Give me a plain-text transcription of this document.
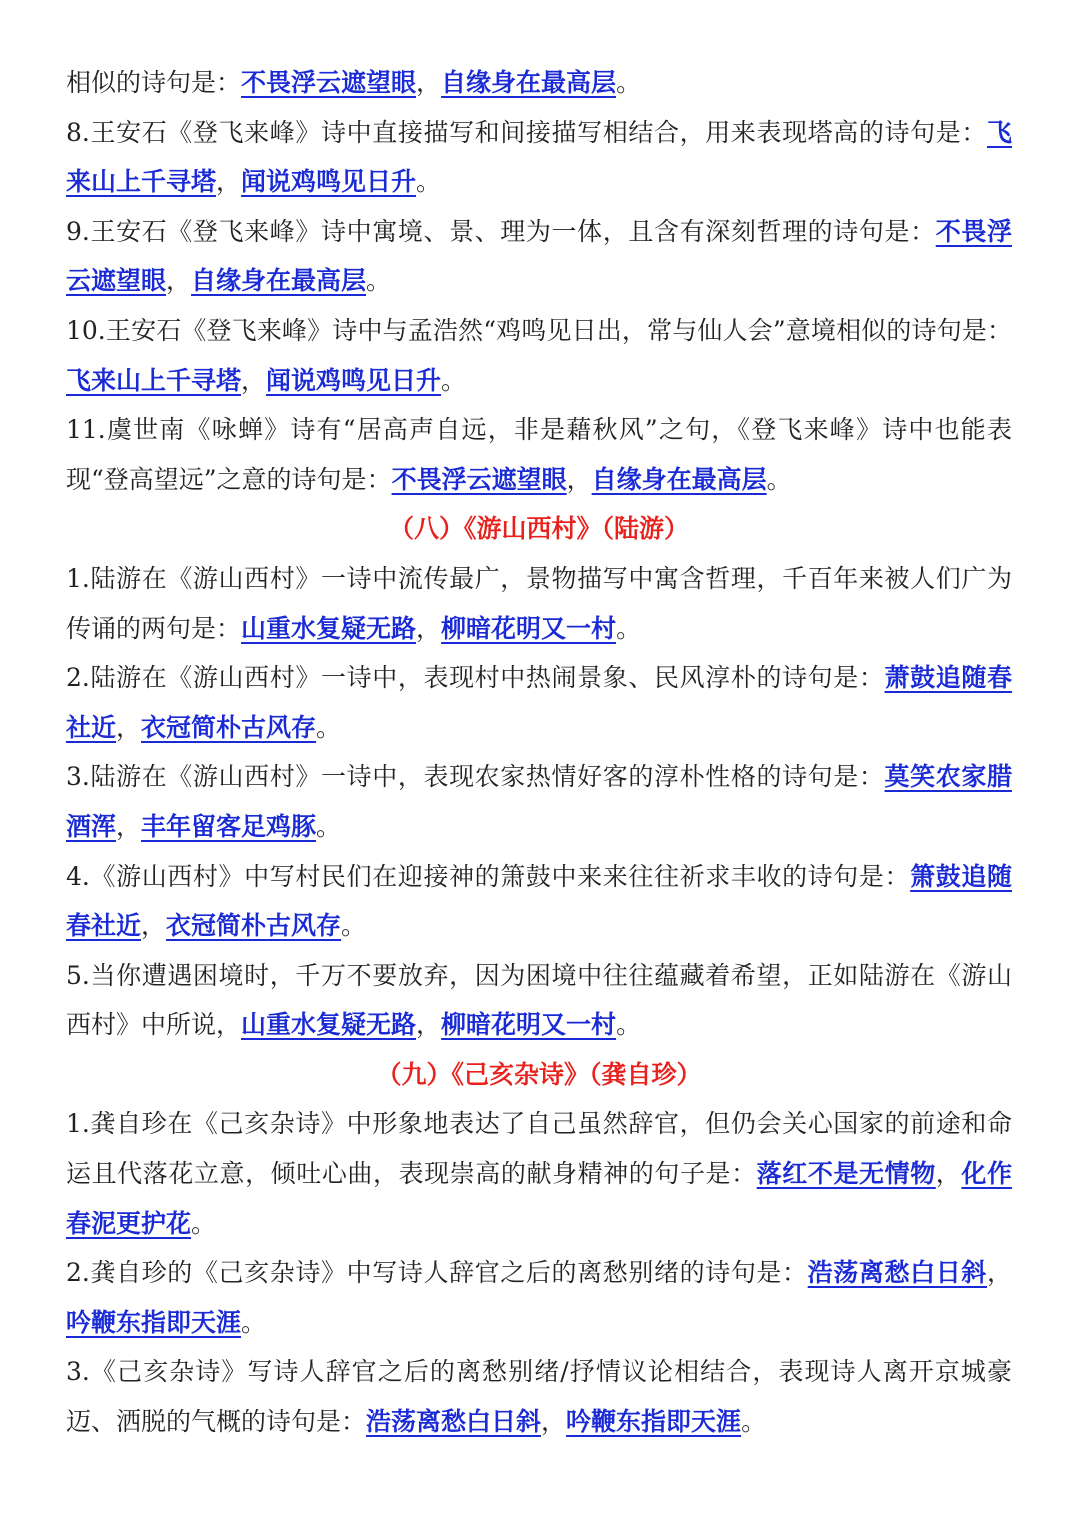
相似的诗句是：不畏浮云遮望眼，自缘身在最高层。
8.王安石《登飞来峰》诗中直接描写和间接描写相结合，用来表现塔高的诗句是：飞来山上千寻塔，闻说鸡鸣见日升。
9.王安石《登飞来峰》诗中寓境、景、理为一体，且含有深刻哲理的诗句是：不畏浮云遮望眼，自缘身在最高层。
10.王安石《登飞来峰》诗中与孟浩然“鸡鸣见日出，常与仙人会”意境相似的诗句是：飞来山上千寻塔，闻说鸡鸣见日升。
11.虞世南《咏蝉》诗有“居高声自远，非是藉秋风”之句，《登飞来峰》诗中也能表现“登高望远”之意的诗句是：不畏浮云遮望眼，自缘身在最高层。
（八）《游山西村》（陆游）
1.陆游在《游山西村》一诗中流传最广，景物描写中寓含哲理，千百年来被人们广为传诵的两句是：山重水复疑无路，柳暗花明又一村。
2.陆游在《游山西村》一诗中，表现村中热闹景象、民风淳朴的诗句是：萧鼓追随春社近，衣冠简朴古风存。
3.陆游在《游山西村》一诗中，表现农家热情好客的淳朴性格的诗句是：莫笑农家腊酒浑，丰年留客足鸡豚。
4.《游山西村》中写村民们在迎接神的箫鼓中来来往往祈求丰收的诗句是：箫鼓追随春社近，衣冠简朴古风存。
5.当你遭遇困境时，千万不要放弃，因为困境中往往蕴藏着希望，正如陆游在《游山西村》中所说，山重水复疑无路，柳暗花明又一村。
（九）《己亥杂诗》（龚自珍）
1.龚自珍在《己亥杂诗》中形象地表达了自己虽然辞官，但仍会关心国家的前途和命运且代落花立意，倾吐心曲，表现崇高的献身精神的句子是：落红不是无情物，化作春泥更护花。
2.龚自珍的《己亥杂诗》中写诗人辞官之后的离愁别绪的诗句是：浩荡离愁白日斜，吟鞭东指即天涯。
3.《己亥杂诗》写诗人辞官之后的离愁别绪/抒情议论相结合，表现诗人离开京城豪迈、洒脱的气概的诗句是：浩荡离愁白日斜，吟鞭东指即天涯。
